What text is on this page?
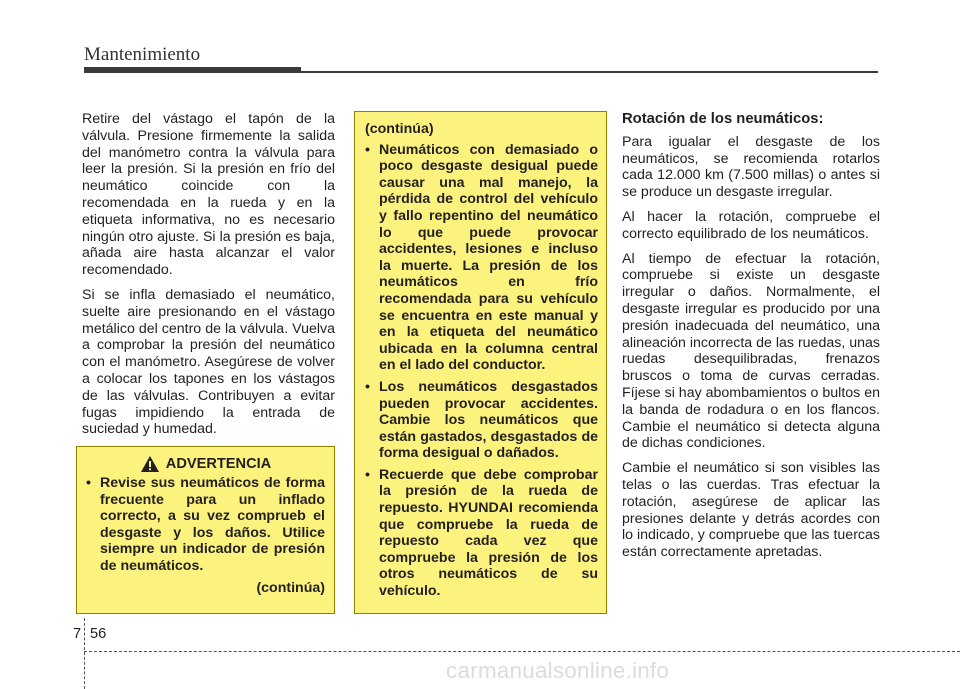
Mantenimiento

Retire del vástago el tapón de la válvula. Presione firmemente la salida del manómetro contra la válvula para leer la presión. Si la presión en frío del neumático coincide con la recomendada en la rueda y en la etiqueta informativa, no es necesario ningún otro ajuste. Si la presión es baja, añada aire hasta alcanzar el valor recomendado.

Si se infla demasiado el neumático, suelte aire presionando en el vástago metálico del centro de la válvula. Vuelva a comprobar la presión del neumático con el manómetro. Asegúrese de volver a colocar los tapones en los vástagos de las válvulas. Contribuyen a evitar fugas impidiendo la entrada de suciedad y humedad.

ADVERTENCIA
• Revise sus neumáticos de forma frecuente para un inflado correcto, a su vez comprueb el desgaste y los daños. Utilice siempre un indicador de presión de neumáticos.
(continúa)
(continúa)
• Neumáticos con demasiado o poco desgaste desigual puede causar una mal manejo, la pérdida de control del vehículo y fallo repentino del neumático lo que puede provocar accidentes, lesiones e incluso la muerte. La presión de los neumáticos en frío recomendada para su vehículo se encuentra en este manual y en la etiqueta del neumático ubicada en la columna central en el lado del conductor.
• Los neumáticos desgastados pueden provocar accidentes. Cambie los neumáticos que están gastados, desgastados de forma desigual o dañados.
• Recuerde que debe comprobar la presión de la rueda de repuesto. HYUNDAI recomienda que compruebe la rueda de repuesto cada vez que compruebe la presión de los otros neumáticos de su vehículo.
Rotación de los neumáticos:

Para igualar el desgaste de los neumáticos, se recomienda rotarlos cada 12.000 km (7.500 millas) o antes si se produce un desgaste irregular.

Al hacer la rotación, compruebe el correcto equilibrado de los neumáticos.

Al tiempo de efectuar la rotación, compruebe si existe un desgaste irregular o daños. Normalmente, el desgaste irregular es producido por una presión inadecuada del neumático, una alineación incorrecta de las ruedas, unas ruedas desequilibradas, frenazos bruscos o toma de curvas cerradas. Fíjese si hay abombamientos o bultos en la banda de rodadura o en los flancos. Cambie el neumático si detecta alguna de dichas condiciones.

Cambie el neumático si son visibles las telas o las cuerdas. Tras efectuar la rotación, asegúrese de aplicar las presiones delante y detrás acordes con lo indicado, y compruebe que las tuercas están correctamente apretadas.

7 56
carmanualsonline.info
